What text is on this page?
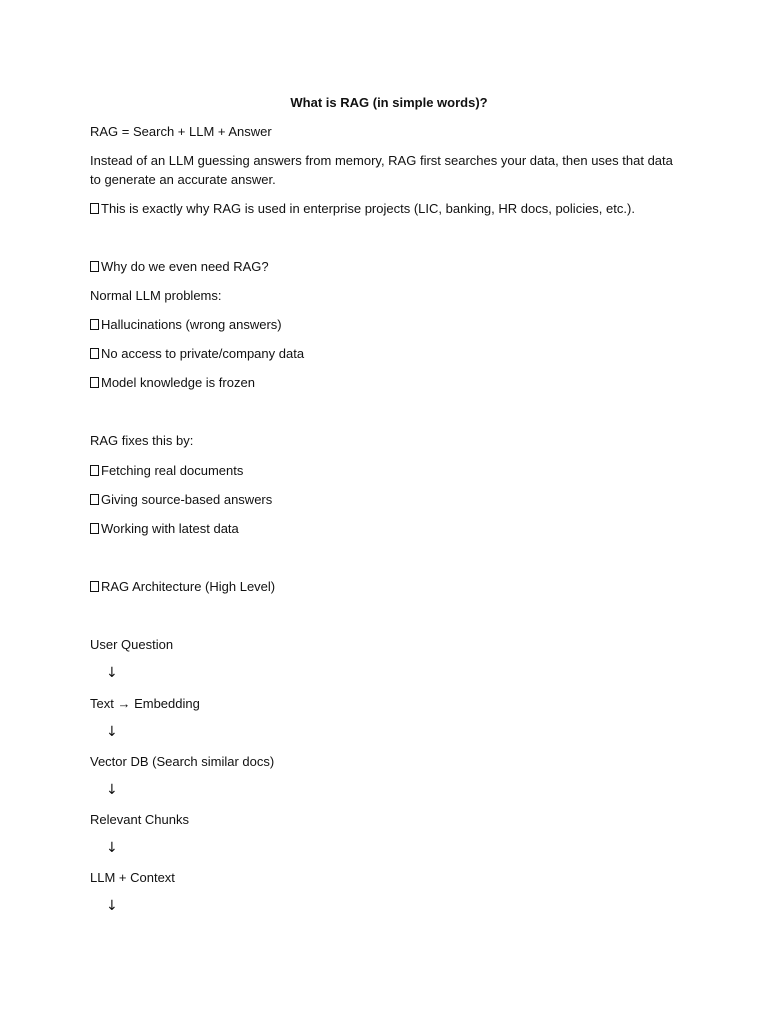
What is RAG (in simple words)?
RAG = Search + LLM + Answer
Instead of an LLM guessing answers from memory, RAG first searches your data, then uses that data to generate an accurate answer.
This is exactly why RAG is used in enterprise projects (LIC, banking, HR docs, policies, etc.).
Why do we even need RAG?
Normal LLM problems:
Hallucinations (wrong answers)
No access to private/company data
Model knowledge is frozen
RAG fixes this by:
Fetching real documents
Giving source-based answers
Working with latest data
RAG Architecture (High Level)
User Question
↓
Text → Embedding
↓
Vector DB (Search similar docs)
↓
Relevant Chunks
↓
LLM + Context
↓
